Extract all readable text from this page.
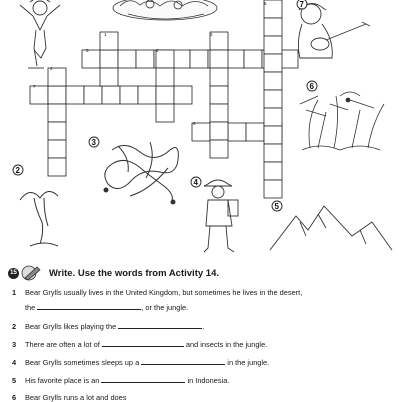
1
2
3
4
5
6
7
8
7
6
3
2
4
5
15	Write. Use the words from Activity 14.
1 Bear Grylls usually lives in the United Kingdom, but sometimes he lives in the desert,
the	, or the jungle.
2 Bear Grylls likes playing the	.
3 There are often a lot of	and insects in the jungle.
4 Bear Grylls sometimes sleeps up a	in the jungle.
5 His favorite place is an	in Indonesia.
6 Bear Grylls runs a lot and does
